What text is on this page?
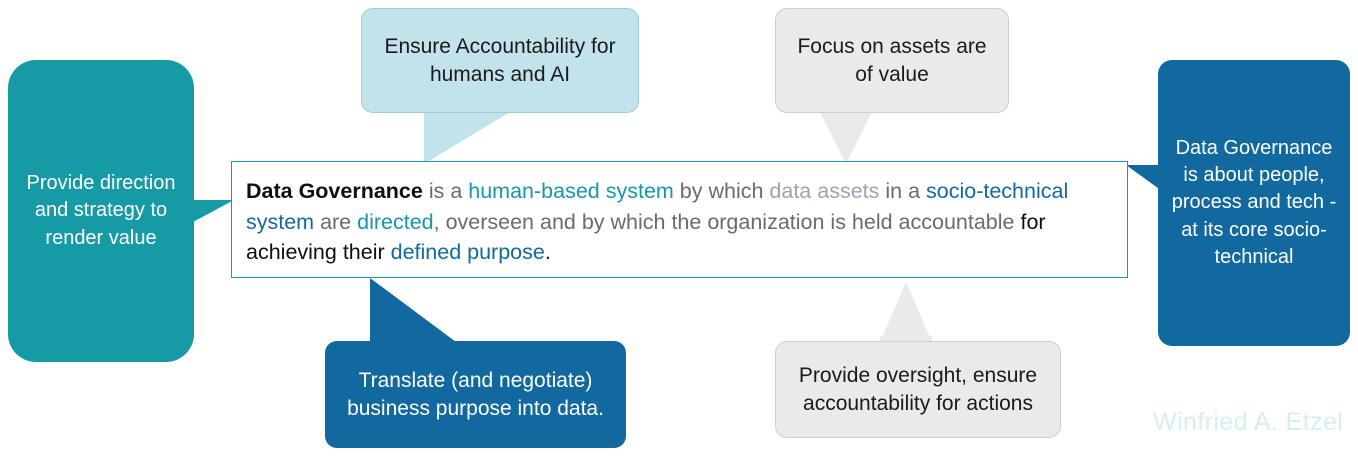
Provide direction and strategy to render value
Ensure Accountability for humans and AI
Focus on assets are of value
Data Governance is about people, process and tech - at its core socio-technical
Translate (and negotiate) business purpose into data.
Provide oversight, ensure accountability for actions
Data Governance is a human-based system by which data assets in a socio-technical system are directed, overseen and by which the organization is held accountable for achieving their defined purpose.
Winfried A. Etzel
